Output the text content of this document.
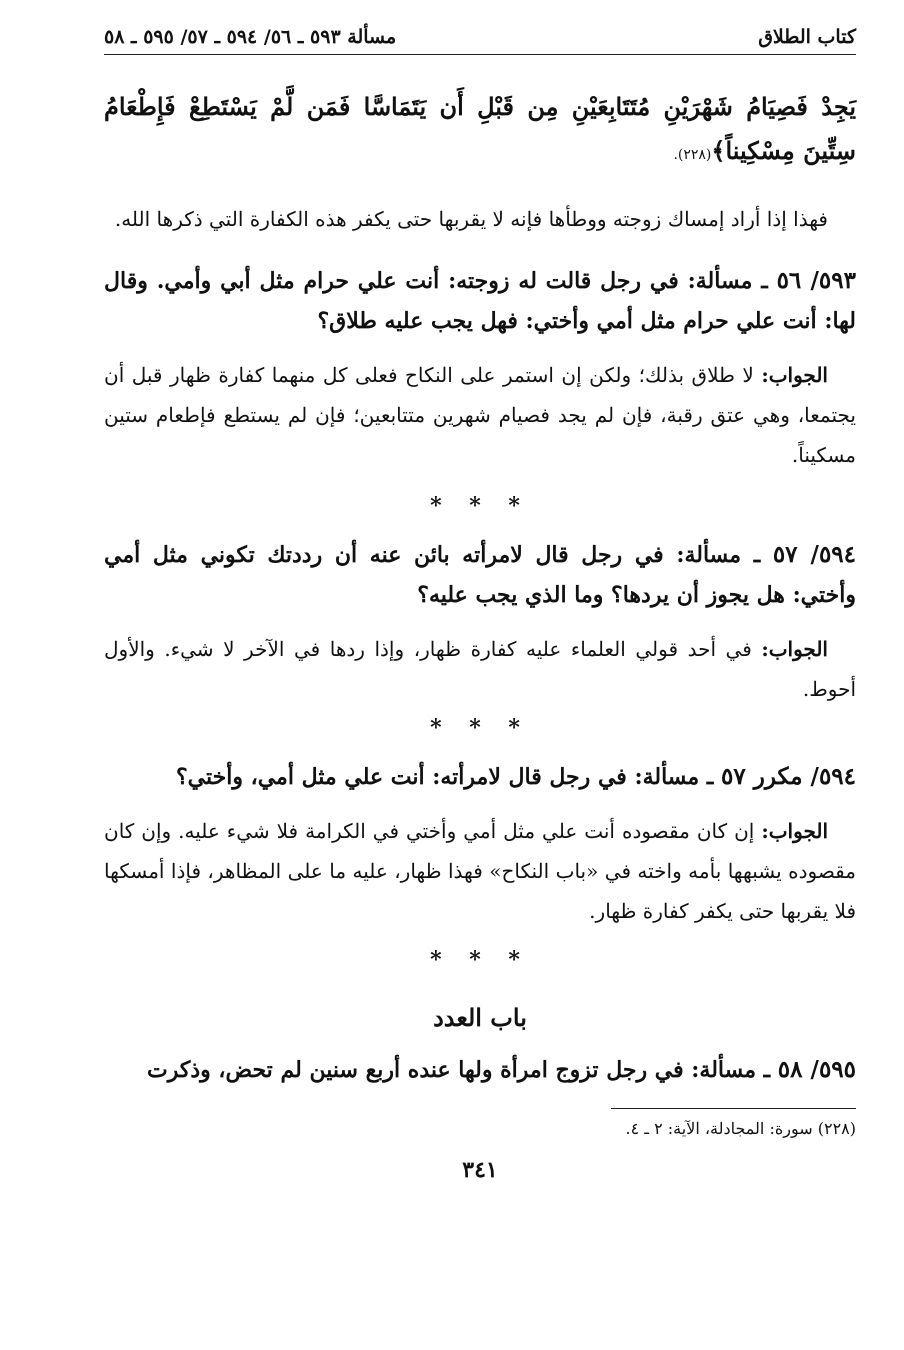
كتاب الطلاق
مسألة ٥٩٣ ـ ٥٦/ ٥٩٤ ـ ٥٧/ ٥٩٥ ـ ٥٨
يَجِدْ فَصِيَامُ شَهْرَيْنِ مُتَتَابِعَيْنِ مِن قَبْلِ أَن يَتَمَاسَّا فَمَن لَّمْ يَسْتَطِعْ فَإِطْعَامُ سِتِّينَ مِسْكِيناً﴾(٢٢٨).
فهذا إذا أراد إمساك زوجته ووطأها فإنه لا يقربها حتى يكفر هذه الكفارة التي ذكرها الله.
٥٩٣/ ٥٦ ـ مسألة: في رجل قالت له زوجته: أنت علي حرام مثل أبي وأمي. وقال لها: أنت علي حرام مثل أمي وأختي: فهل يجب عليه طلاق؟
الجواب: لا طلاق بذلك؛ ولكن إن استمر على النكاح فعلى كل منهما كفارة ظهار قبل أن يجتمعا، وهي عتق رقبة، فإن لم يجد فصيام شهرين متتابعين؛ فإن لم يستطع فإطعام ستين مسكيناً.
* * *
٥٩٤/ ٥٧ ـ مسألة: في رجل قال لامرأته بائن عنه أن رددتك تكوني مثل أمي وأختي: هل يجوز أن يردها؟ وما الذي يجب عليه؟
الجواب: في أحد قولي العلماء عليه كفارة ظهار، وإذا ردها في الآخر لا شيء. والأول أحوط.
* * *
٥٩٤/ مكرر ٥٧ ـ مسألة: في رجل قال لامرأته: أنت علي مثل أمي، وأختي؟
الجواب: إن كان مقصوده أنت علي مثل أمي وأختي في الكرامة فلا شيء عليه. وإن كان مقصوده يشبهها بأمه واخته في «باب النكاح» فهذا ظهار، عليه ما على المظاهر، فإذا أمسكها فلا يقربها حتى يكفر كفارة ظهار.
* * *
باب العدد
٥٩٥/ ٥٨ ـ مسألة: في رجل تزوج امرأة ولها عنده أربع سنين لم تحض، وذكرت
(٢٢٨) سورة: المجادلة، الآية: ٢ ـ ٤.
٣٤١
